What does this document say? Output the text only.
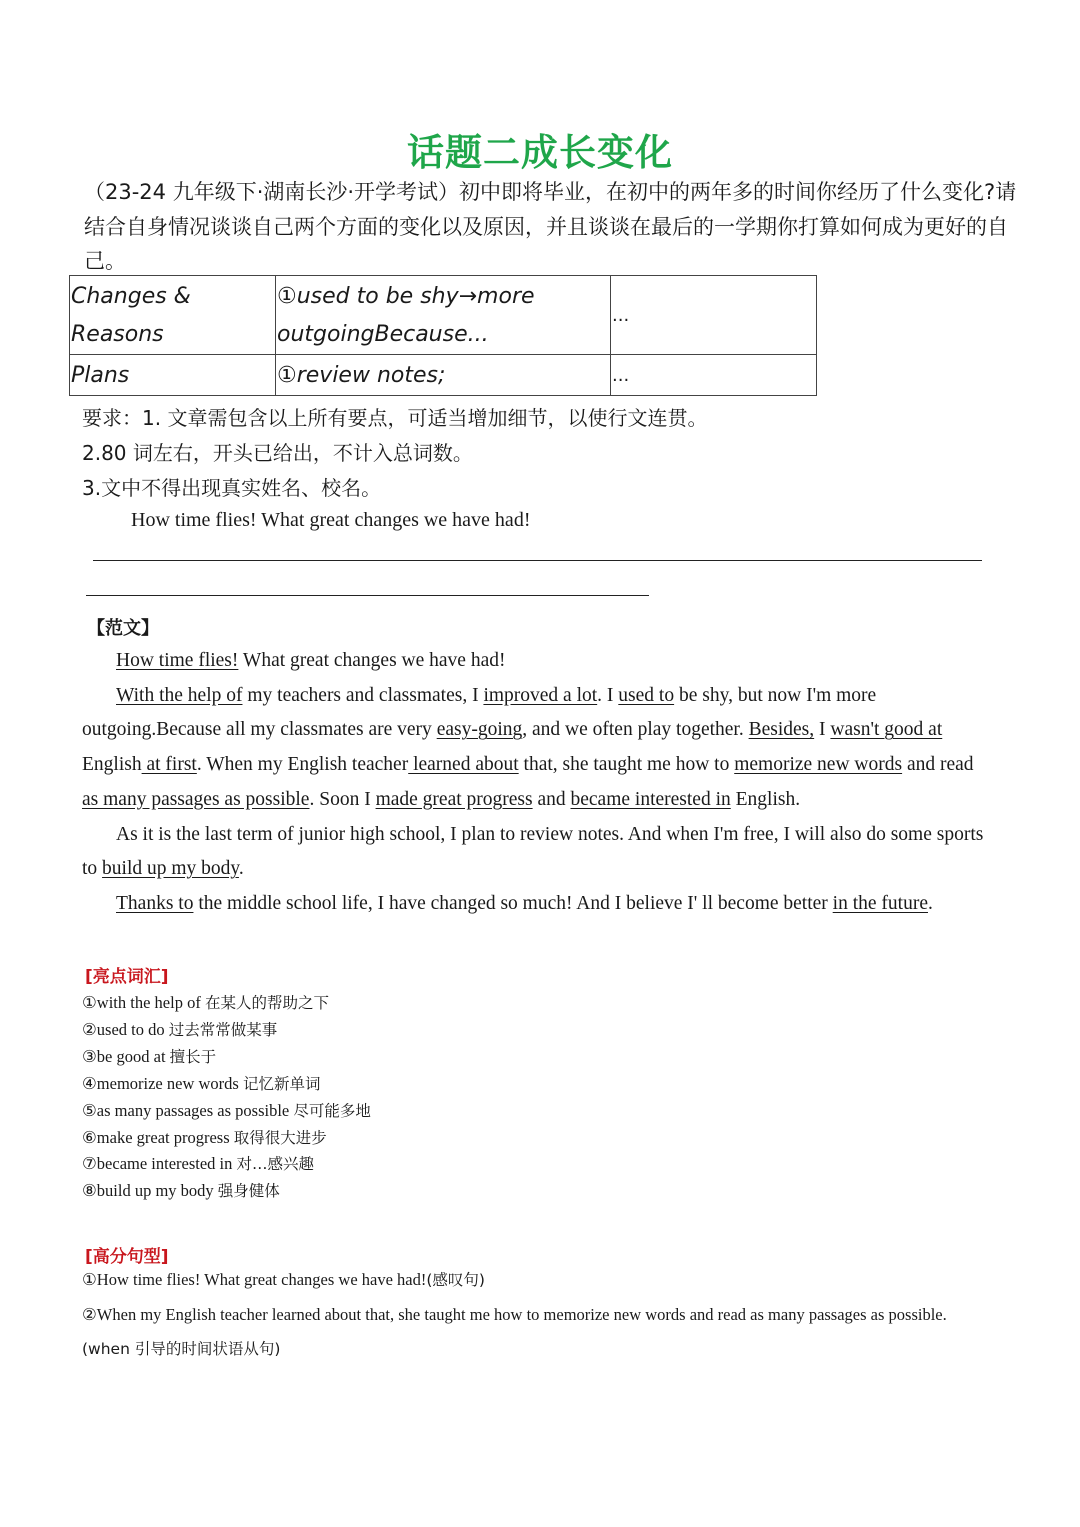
话题二成长变化
（23-24 九年级下·湖南长沙·开学考试）初中即将毕业，在初中的两年多的时间你经历了什么变化?请结合自身情况谈谈自己两个方面的变化以及原因，并且谈谈在最后的一学期你打算如何成为更好的自己。
Changes & Reasons	①used to be shy→more outgoingBecause...	...
Plans	①review notes;	...
要求：1. 文章需包含以上所有要点，可适当增加细节，以使行文连贯。
2.80 词左右，开头已给出，不计入总词数。
3.文中不得出现真实姓名、校名。
How time flies! What great changes we have had!
【范文】

How time flies! What great changes we have had!

With the help of my teachers and classmates, I improved a lot. I used to be shy, but now I'm more outgoing.Because all my classmates are very easy-going, and we often play together. Besides, I wasn't good at English at first. When my English teacher learned about that, she taught me how to memorize new words and read as many passages as possible. Soon I made great progress and became interested in English.

As it is the last term of junior high school, I plan to review notes. And when I'm free, I will also do some sports to build up my body.

Thanks to the middle school life, I have changed so much! And I believe I' ll become better in the future.

[亮点词汇]
①with the help of 在某人的帮助之下
②used to do 过去常常做某事
③be good at 擅长于
④memorize new words 记忆新单词
⑤as many passages as possible 尽可能多地
⑥make great progress 取得很大进步
⑦became interested in 对…感兴趣
⑧build up my body 强身健体
[高分句型]
①How time flies! What great changes we have had!(感叹句)
②When my English teacher learned about that, she taught me how to memorize new words and read as many passages as possible.(when 引导的时间状语从句)
